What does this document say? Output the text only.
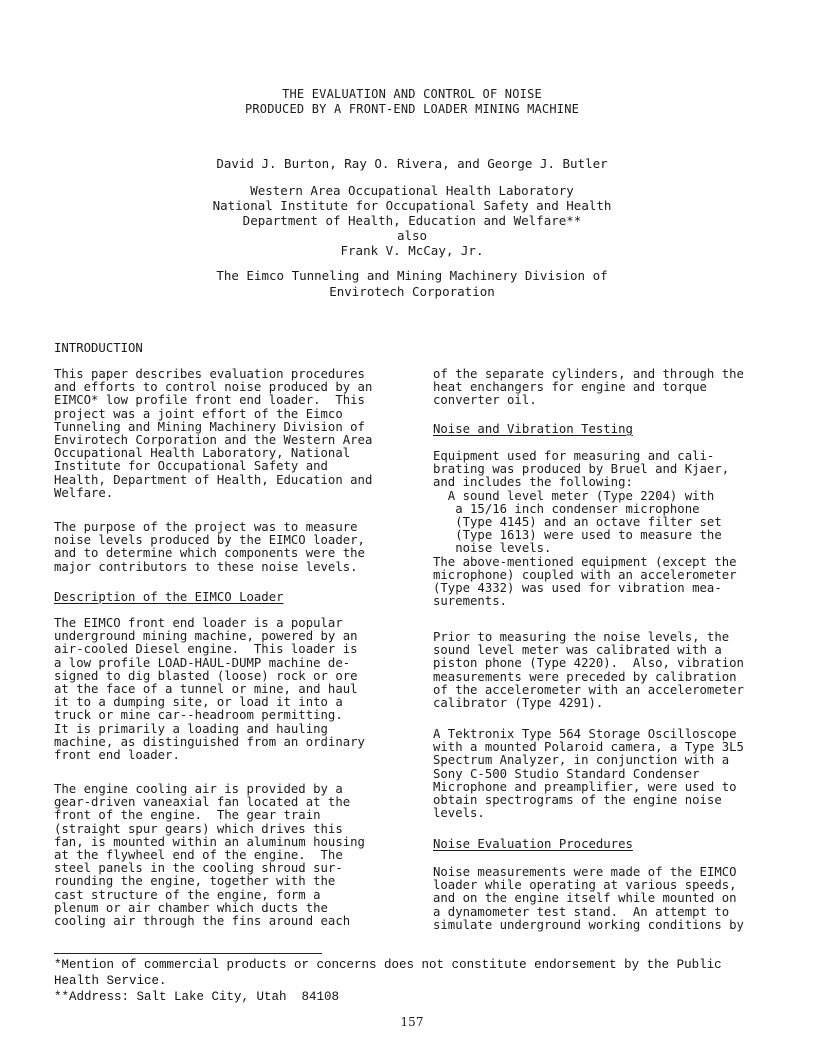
THE EVALUATION AND CONTROL OF NOISE
PRODUCED BY A FRONT-END LOADER MINING MACHINE
David J. Burton, Ray O. Rivera, and George J. Butler
Western Area Occupational Health Laboratory
National Institute for Occupational Safety and Health
Department of Health, Education and Welfare**
also
Frank V. McCay, Jr.
The Eimco Tunneling and Mining Machinery Division of
Envirotech Corporation
INTRODUCTION

This paper describes evaluation procedures
and efforts to control noise produced by an
EIMCO* low profile front end loader.  This
project was a joint effort of the Eimco
Tunneling and Mining Machinery Division of
Envirotech Corporation and the Western Area
Occupational Health Laboratory, National
Institute for Occupational Safety and
Health, Department of Health, Education and
Welfare.

The purpose of the project was to measure
noise levels produced by the EIMCO loader,
and to determine which components were the
major contributors to these noise levels.

Description of the EIMCO Loader

The EIMCO front end loader is a popular
underground mining machine, powered by an
air-cooled Diesel engine.  This loader is
a low profile LOAD-HAUL-DUMP machine de-
signed to dig blasted (loose) rock or ore
at the face of a tunnel or mine, and haul
it to a dumping site, or load it into a
truck or mine car--headroom permitting.
It is primarily a loading and hauling
machine, as distinguished from an ordinary
front end loader.

The engine cooling air is provided by a
gear-driven vaneaxial fan located at the
front of the engine.  The gear train
(straight spur gears) which drives this
fan, is mounted within an aluminum housing
at the flywheel end of the engine.  The
steel panels in the cooling shroud sur-
rounding the engine, together with the
cast structure of the engine, form a
plenum or air chamber which ducts the
cooling air through the fins around each

of the separate cylinders, and through the
heat enchangers for engine and torque
converter oil.

Noise and Vibration Testing

Equipment used for measuring and cali-
brating was produced by Bruel and Kjaer,
and includes the following:
A sound level meter (Type 2204) with
a 15/16 inch condenser microphone
(Type 4145) and an octave filter set
(Type 1613) were used to measure the
noise levels.
The above-mentioned equipment (except the
microphone) coupled with an accelerometer
(Type 4332) was used for vibration mea-
surements.

Prior to measuring the noise levels, the
sound level meter was calibrated with a
piston phone (Type 4220).  Also, vibration
measurements were preceded by calibration
of the accelerometer with an accelerometer
calibrator (Type 4291).

A Tektronix Type 564 Storage Oscilloscope
with a mounted Polaroid camera, a Type 3L5
Spectrum Analyzer, in conjunction with a
Sony C-500 Studio Standard Condenser
Microphone and preamplifier, were used to
obtain spectrograms of the engine noise
levels.

Noise Evaluation Procedures

Noise measurements were made of the EIMCO
loader while operating at various speeds,
and on the engine itself while mounted on
a dynamometer test stand.  An attempt to
simulate underground working conditions by

*Mention of commercial products or concerns does not constitute endorsement by the Public
Health Service.
**Address: Salt Lake City, Utah  84108
157
